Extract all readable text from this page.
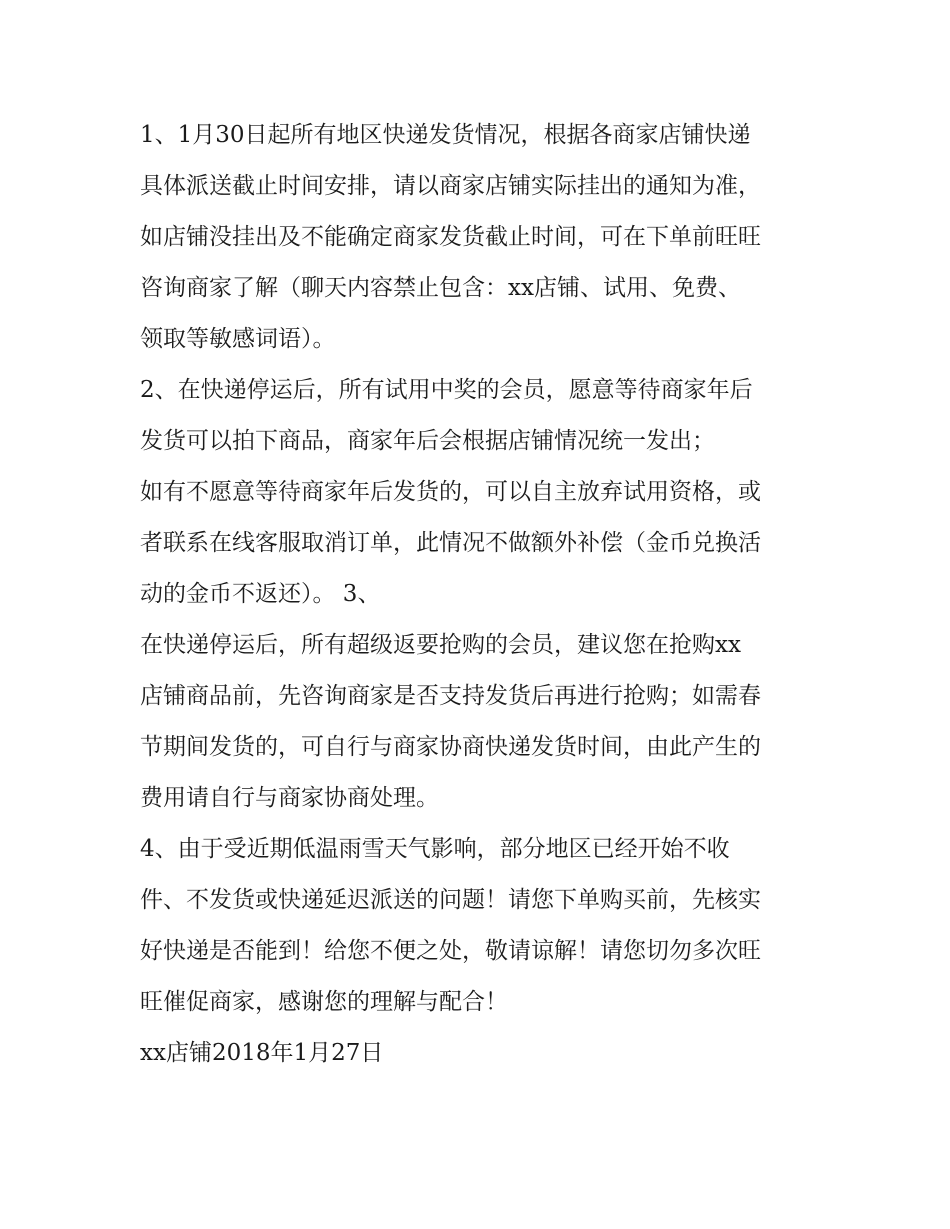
1、1月30日起所有地区快递发货情况，根据各商家店铺快递
具体派送截止时间安排，请以商家店铺实际挂出的通知为准，
如店铺没挂出及不能确定商家发货截止时间，可在下单前旺旺
咨询商家了解（聊天内容禁止包含：xx店铺、试用、免费、
领取等敏感词语）。
2、在快递停运后，所有试用中奖的会员，愿意等待商家年后
发货可以拍下商品，商家年后会根据店铺情况统一发出；
如有不愿意等待商家年后发货的，可以自主放弃试用资格，或
者联系在线客服取消订单，此情况不做额外补偿（金币兑换活
动的金币不返还）。 3、
在快递停运后，所有超级返要抢购的会员，建议您在抢购xx
店铺商品前，先咨询商家是否支持发货后再进行抢购；如需春
节期间发货的，可自行与商家协商快递发货时间，由此产生的
费用请自行与商家协商处理。
4、由于受近期低温雨雪天气影响，部分地区已经开始不收
件、不发货或快递延迟派送的问题！请您下单购买前，先核实
好快递是否能到！给您不便之处，敬请谅解！请您切勿多次旺
旺催促商家，感谢您的理解与配合！
xx店铺2018年1月27日
